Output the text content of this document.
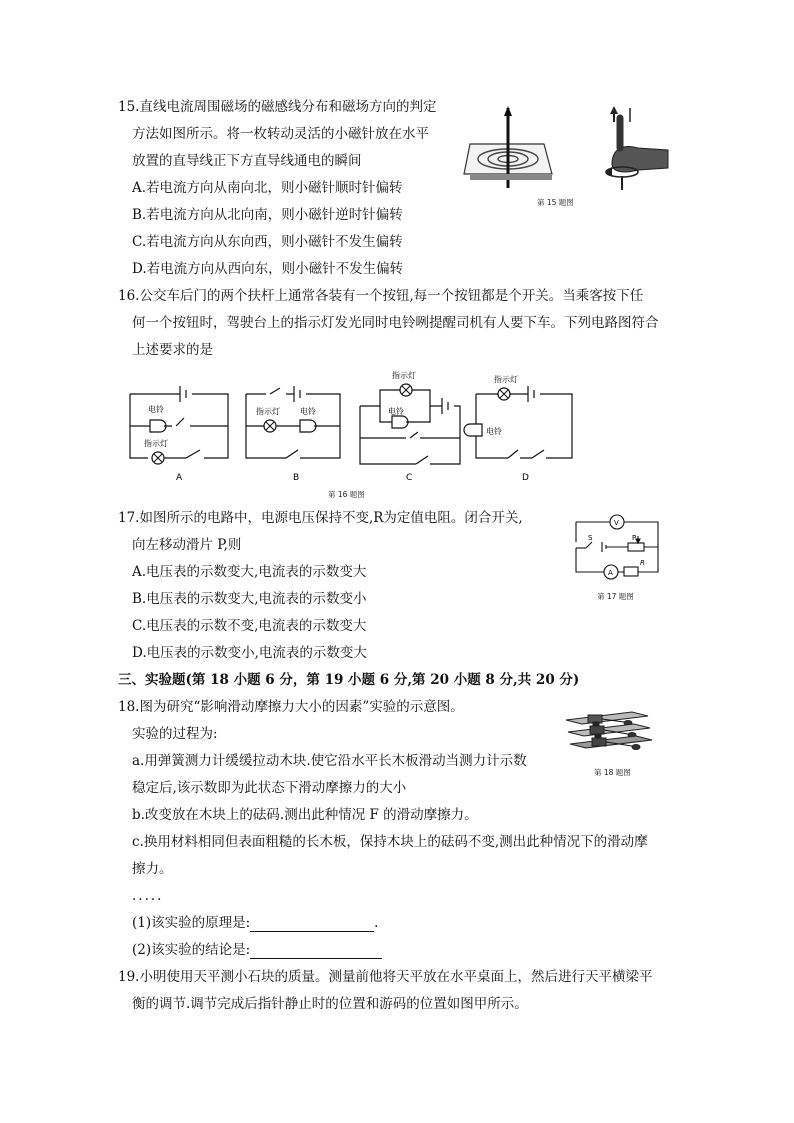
15.直线电流周围磁场的磁感线分布和磁场方向的判定
方法如图所示。将一枚转动灵活的小磁针放在水平
放置的直导线正下方直导线通电的瞬间
A.若电流方向从南向北，则小磁针顺时针偏转
B.若电流方向从北向南，则小磁针逆时针偏转
C.若电流方向从东向西，则小磁针不发生偏转
D.若电流方向从西向东，则小磁针不发生偏转
第 15 题图
16.公交车后门的两个扶杆上通常各装有一个按钮,每一个按钮都是个开关。当乘客按下任
何一个按钮时，驾驶台上的指示灯发光同时电铃咧提醒司机有人要下车。下列电路图符合
上述要求的是
电铃
指示灯
A
电铃
指示灯
B
电铃
指示灯
C
电铃
指示灯
D
第 16 题图
17.如图所示的电路中，电源电压保持不变,R为定值电阻。闭合开关,
向左移动滑片 P,则
A.电压表的示数变大,电流表的示数变大
B.电压表的示数变大,电流表的示数变小
C.电压表的示数不变,电流表的示数变大
D.电压表的示数变小,电流表的示数变大
V
A
S	P
R
第 17 题图
三、实验题(第 18 小题 6 分，第 19 小题 6 分,第 20 小题 8 分,共 20 分)
18.图为研究“影响滑动摩擦力大小的因素”实验的示意图。
实验的过程为:
a.用弹簧测力计缓缓拉动木块.使它沿水平长木板滑动当测力计示数
稳定后,该示数即为此状态下滑动摩擦力的大小
b.改变放在木块上的砝码.测出此种情况 F 的滑动摩擦力。
c.换用材料相同但表面粗糙的长木板，保持木块上的砝码不变,测出此种情况下的滑动摩
擦力。
.....
(1)该实验的原理是:	.
(2)该实验的结论是:
第 18 题图
19.小明使用天平测小石块的质量。测量前他将天平放在水平桌面上，然后进行天平横梁平
衡的调节.调节完成后指针静止时的位置和游码的位置如图甲所示。
